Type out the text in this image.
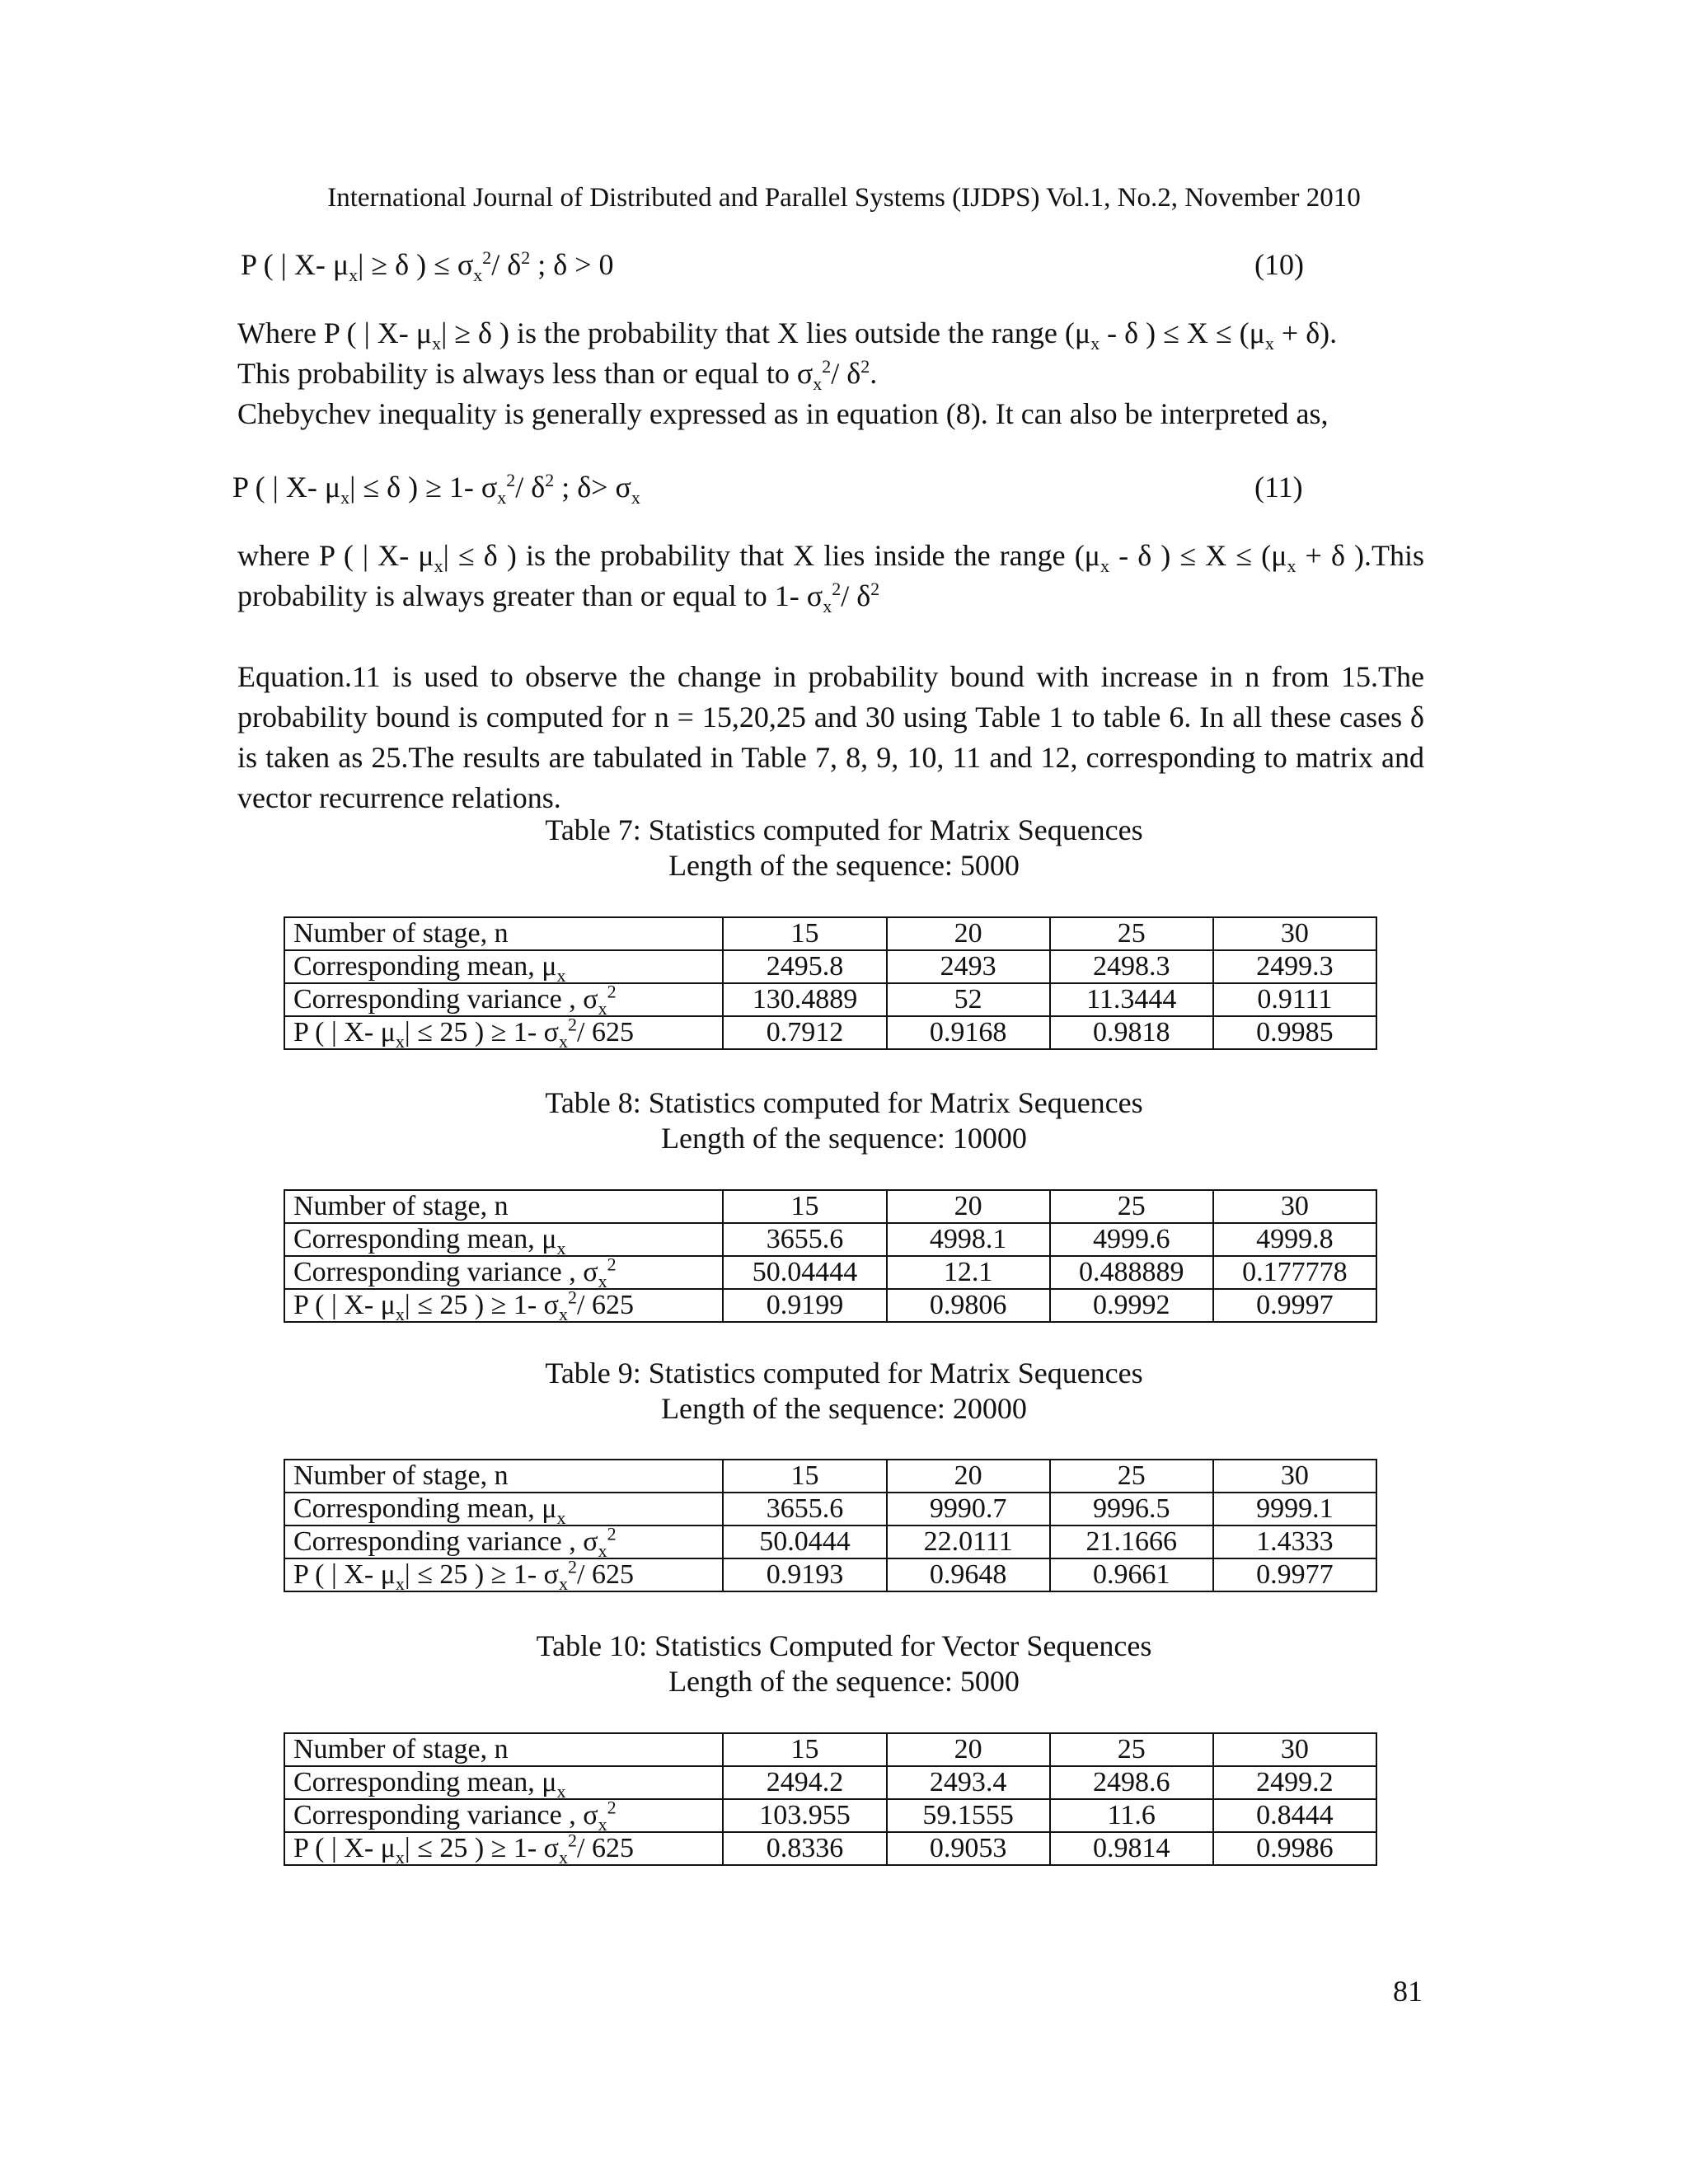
International Journal of Distributed and Parallel Systems (IJDPS) Vol.1, No.2, November 2010
P ( | X- $\mu_x| \ge \delta$ ) ≤ $\sigma_x^2/$ $\delta^2$ ; δ > 0	(10)
Where P ( | X- $\mu_x| \ge \delta$ ) is the probability that X lies outside the range ($\mu_x$ - δ ) ≤ $X \le (\mu_x + \delta)$.
This probability is always less than or equal to $\sigma_x^2/$ $\delta^2$.
Chebychev inequality is generally expressed as in equation (8). It can also be interpreted as,
P ( | X- $\mu_x| \le \delta$ ) ≥ 1- $\sigma_x^2/$ $\delta^2$ ; $\delta> \sigma_x$	(11)
where P ( | X- $\mu_x| \le \delta$ ) is the probability that X lies inside the range ($\mu_x$ - δ ) ≤ $X \le (\mu_x + \delta$ ).This probability is always greater than or equal to 1- $\sigma_x^2/$ $\delta^2$

Equation.11 is used to observe the change in probability bound with increase in n from 15.The probability bound is computed for n = 15,20,25 and 30 using Table 1 to table 6. In all these cases δ is taken as 25.The results are tabulated in Table 7, 8, 9, 10, 11 and 12, corresponding to matrix and vector recurrence relations.

Table 7: Statistics computed for Matrix Sequences
Length of the sequence: 5000
Number of stage, n	15	20	25	30
Corresponding mean, $\mu_x$	2495.8	2493	2498.3	2499.3
Corresponding variance , $\sigma_x^2$	130.4889	52	11.3444	0.9111
P ( | X- $\mu_x| \le 25$ ) ≥ 1- $\sigma_x^2/$ 625	0.7912	0.9168	0.9818	0.9985
Table 8: Statistics computed for Matrix Sequences
Length of the sequence: 10000
Number of stage, n	15	20	25	30
Corresponding mean, $\mu_x$	3655.6	4998.1	4999.6	4999.8
Corresponding variance , $\sigma_x^2$	50.04444	12.1	0.488889	0.177778
P ( | X- $\mu_x| \le 25$ ) ≥ 1- $\sigma_x^2/$ 625	0.9199	0.9806	0.9992	0.9997
Table 9: Statistics computed for Matrix Sequences
Length of the sequence: 20000
Number of stage, n	15	20	25	30
Corresponding mean, $\mu_x$	3655.6	9990.7	9996.5	9999.1
Corresponding variance , $\sigma_x^2$	50.0444	22.0111	21.1666	1.4333
P ( | X- $\mu_x| \le 25$ ) ≥ 1- $\sigma_x^2/$ 625	0.9193	0.9648	0.9661	0.9977
Table 10: Statistics Computed for Vector Sequences
Length of the sequence: 5000
Number of stage, n	15	20	25	30
Corresponding mean, $\mu_x$	2494.2	2493.4	2498.6	2499.2
Corresponding variance , $\sigma_x^2$	103.955	59.1555	11.6	0.8444
P ( | X- $\mu_x| \le 25$ ) ≥ 1- $\sigma_x^2/$ 625	0.8336	0.9053	0.9814	0.9986
81
